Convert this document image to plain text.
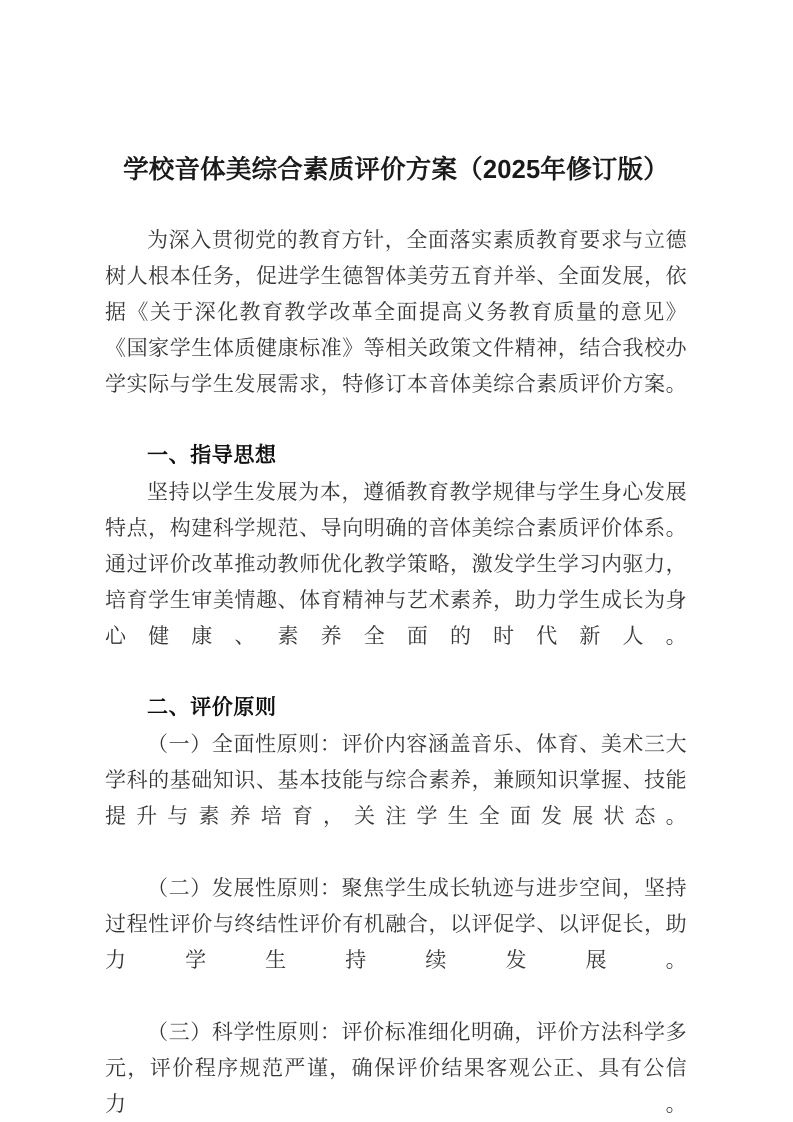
学校音体美综合素质评价方案（2025年修订版）

为深入贯彻党的教育方针，全面落实素质教育要求与立德树人根本任务，促进学生德智体美劳五育并举、全面发展，依据《关于深化教育教学改革全面提高义务教育质量的意见》《国家学生体质健康标准》等相关政策文件精神，结合我校办学实际与学生发展需求，特修订本音体美综合素质评价方案。

一、指导思想

坚持以学生发展为本，遵循教育教学规律与学生身心发展特点，构建科学规范、导向明确的音体美综合素质评价体系。通过评价改革推动教师优化教学策略，激发学生学习内驱力，培育学生审美情趣、体育精神与艺术素养，助力学生成长为身心健康、素养全面的时代新人。

二、评价原则

（一）全面性原则：评价内容涵盖音乐、体育、美术三大学科的基础知识、基本技能与综合素养，兼顾知识掌握、技能提升与素养培育，关注学生全面发展状态。

（二）发展性原则：聚焦学生成长轨迹与进步空间，坚持过程性评价与终结性评价有机融合，以评促学、以评促长，助力学生持续发展。

（三）科学性原则：评价标准细化明确，评价方法科学多元，评价程序规范严谨，确保评价结果客观公正、具有公信力。
